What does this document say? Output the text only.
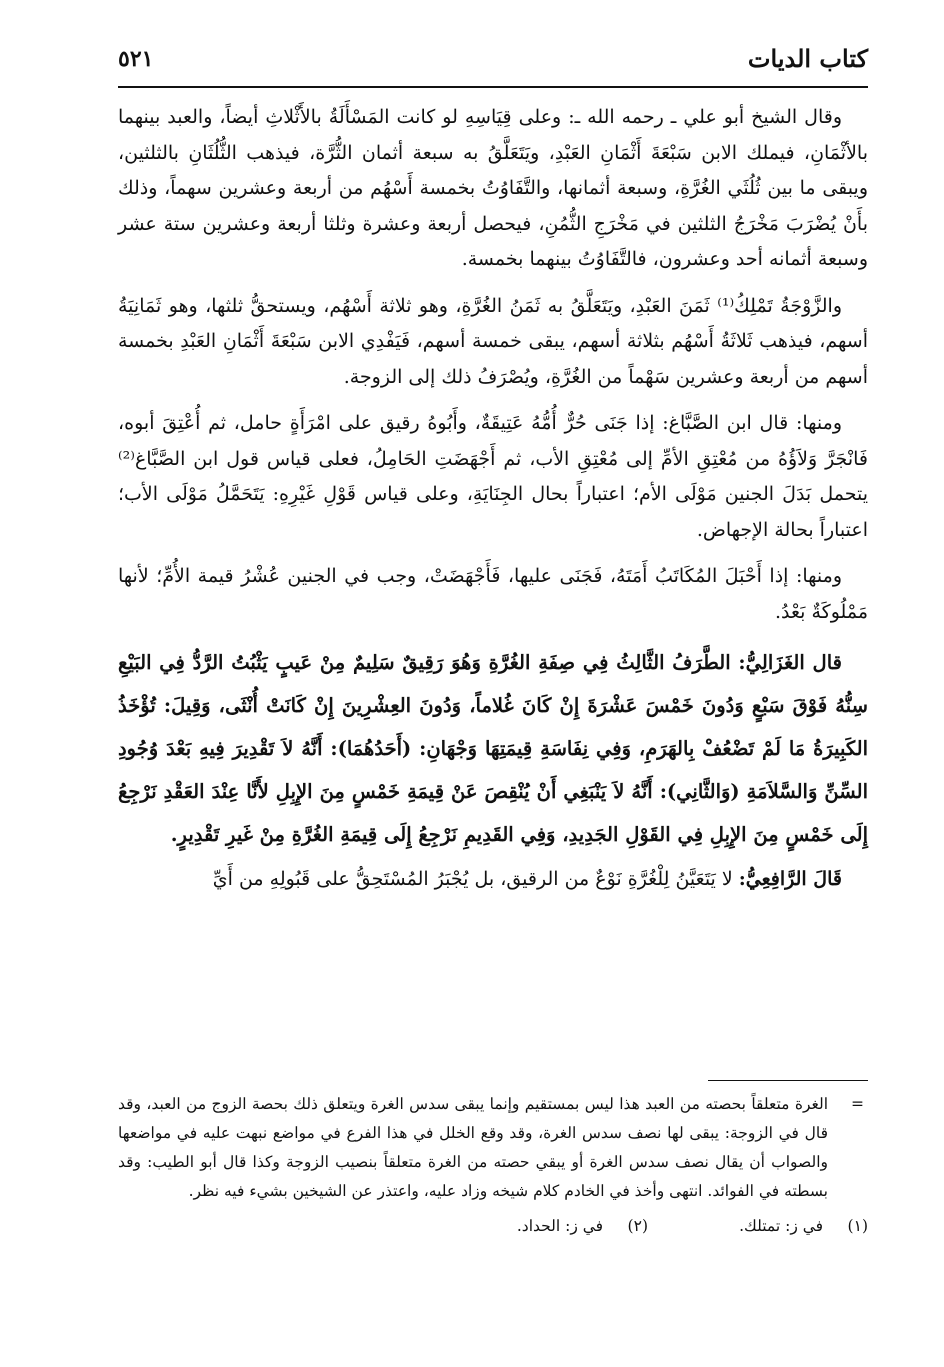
كتاب الديات
٥٢١

وقال الشيخ أبو علي ـ رحمه الله ـ: وعلى قِيَاسِهِ لو كانت المَسْأَلَةُ بالأَثْلاثِ أيضاً، والعبد بينهما بالأثْمَانِ، فيملك الابن سَبْعَةَ أَثْمَانِ العَبْدِ، ويَتَعَلَّقُ به سبعة أثمان الثُّرَّة، فيذهب الثُّلُثَانِ بالثلثين، ويبقى ما بين ثُلُثَي الغُرَّةِ، وسبعة أثمانها، والتَّفَاوُتُ بخمسة أَسْهُم من أربعة وعشرين سهماً، وذلك بأَنْ يُضْرَبَ مَخْرَجُ الثلثين في مَخْرَجِ الثُّمُنِ، فيحصل أربعة وعشرة وثلثا أربعة وعشرين ستة عشر وسبعة أثمانه أحد وعشرون، فالتَّفَاوُتُ بينهما بخمسة.

والزَّوْجَةُ تَمْلِكُ⁽¹⁾ ثَمَنَ العَبْدِ، ويَتَعَلَّقُ به ثَمَنُ الغُرَّةِ، وهو ثلاثة أَسْهُم، ويستحقُّ ثلثها، وهو ثَمَانِيَةُ أسهم، فيذهب ثَلاثَةُ أَسْهُم بثلاثة أسهم، يبقى خمسة أسهم، فَيَفْدِي الابن سَبْعَةَ أَثْمَانِ العَبْدِ بخمسة أسهم من أربعة وعشرين سَهْماً من الغُرَّةِ، ويُصْرَفُ ذلك إلى الزوجة.

ومنها: قال ابن الصَّبَّاغ: إذا جَنَى حُرٌّ أُمُّهُ عَتِيقَةٌ، وأَبُوهُ رقيق على امْرَأَةٍ حامل، ثم أُعْتِقَ أبوه، فَانْجَرَّ وَلاَؤُهُ من مُعْتِقِ الأمِّ إلى مُعْتِقِ الأب، ثم أَجْهَضَتِ الحَامِلُ، فعلى قياس قول ابن الصَّبَّاغ⁽²⁾ يتحمل بَدَلَ الجنين مَوْلَى الأم؛ اعتباراً بحال الجِنَايَةِ، وعلى قياس قَوْلِ غَيْرِهِ: يَتَحَمَّلُ مَوْلَى الأب؛ اعتباراً بحالة الإجهاض.

ومنها: إذا أَحْبَلَ المُكَاتَبُ أَمَتَهُ، فَجَنَى عليها، فَأَجْهَضَتْ، وجب في الجنين عُشْرُ قيمة الأُمِّ؛ لأنها مَمْلُوكَةٌ بَعْدُ.

قال الغَزَالِيُّ: الطَّرَفُ الثَّالِثُ فِي صِفَةِ الغُرَّةِ وَهُوَ رَقِيقٌ سَلِيمٌ مِنْ عَيبٍ يَثْبُتُ الرَّدُّ فِي البَيْعِ سِنُّهُ فَوْقَ سَبْعٍ وَدُونَ خَمْسَ عَشْرَةَ إِنْ كَانَ غُلاماً، وَدُونَ العِشْرِينَ إِنْ كَانَتْ أُنْثَى، وَقِيلَ: تُؤْخَذُ الكَبِيرَةُ مَا لَمْ تَضْعُفْ بِالهَرَمِ، وَفِي نِفَاسَةِ قِيمَتِهَا وَجْهَانِ: (أَحَدُهُمَا): أَنَّهُ لاَ تَقْدِيرَ فِيهِ بَعْدَ وُجُودِ السِّنِّ وَالسَّلاَمَةِ (وَالثَّانِي): أَنَّهُ لاَ يَنْبَغِي أَنْ يُنْقِصَ عَنْ قِيمَةِ خَمْسٍ مِنَ الإِبِلِ لأَنَّا عِنْدَ العَقْدِ نَرْجِعُ إِلَى خَمْسٍ مِنَ الإِبِلِ فِي القَوْلِ الجَدِيدِ، وَفِي القَدِيمِ نَرْجِعُ إِلَى قِيمَةِ الغُرَّةِ مِنْ غَيرِ تَقْدِيرٍ.

قَالَ الرَّافِعِيُّ: لا يَتَعَيَّنُ لِلْغُرَّةِ نَوْعٌ من الرقيق، بل يُجْبَرُ المُسْتَحِقُّ على قَبُولِهِ من أَيِّ

=
الغرة متعلقاً بحصته من العبد هذا ليس بمستقيم وإنما يبقى سدس الغرة ويتعلق ذلك بحصة الزوج من العبد، وقد قال في الزوجة: يبقى لها نصف سدس الغرة، وقد وقع الخلل في هذا الفرع في مواضع نبهت عليه في مواضعها والصواب أن يقال نصف سدس الغرة أو يبقي حصته من الغرة متعلقاً بنصيب الزوجة وكذا قال أبو الطيب: وقد بسطته في الفوائد. انتهى وأخذ في الخادم كلام شيخه وزاد عليه، واعتذر عن الشيخين بشيء فيه نظر.
(١) في ز: تمتلك.
(٢) في ز: الحداد.
